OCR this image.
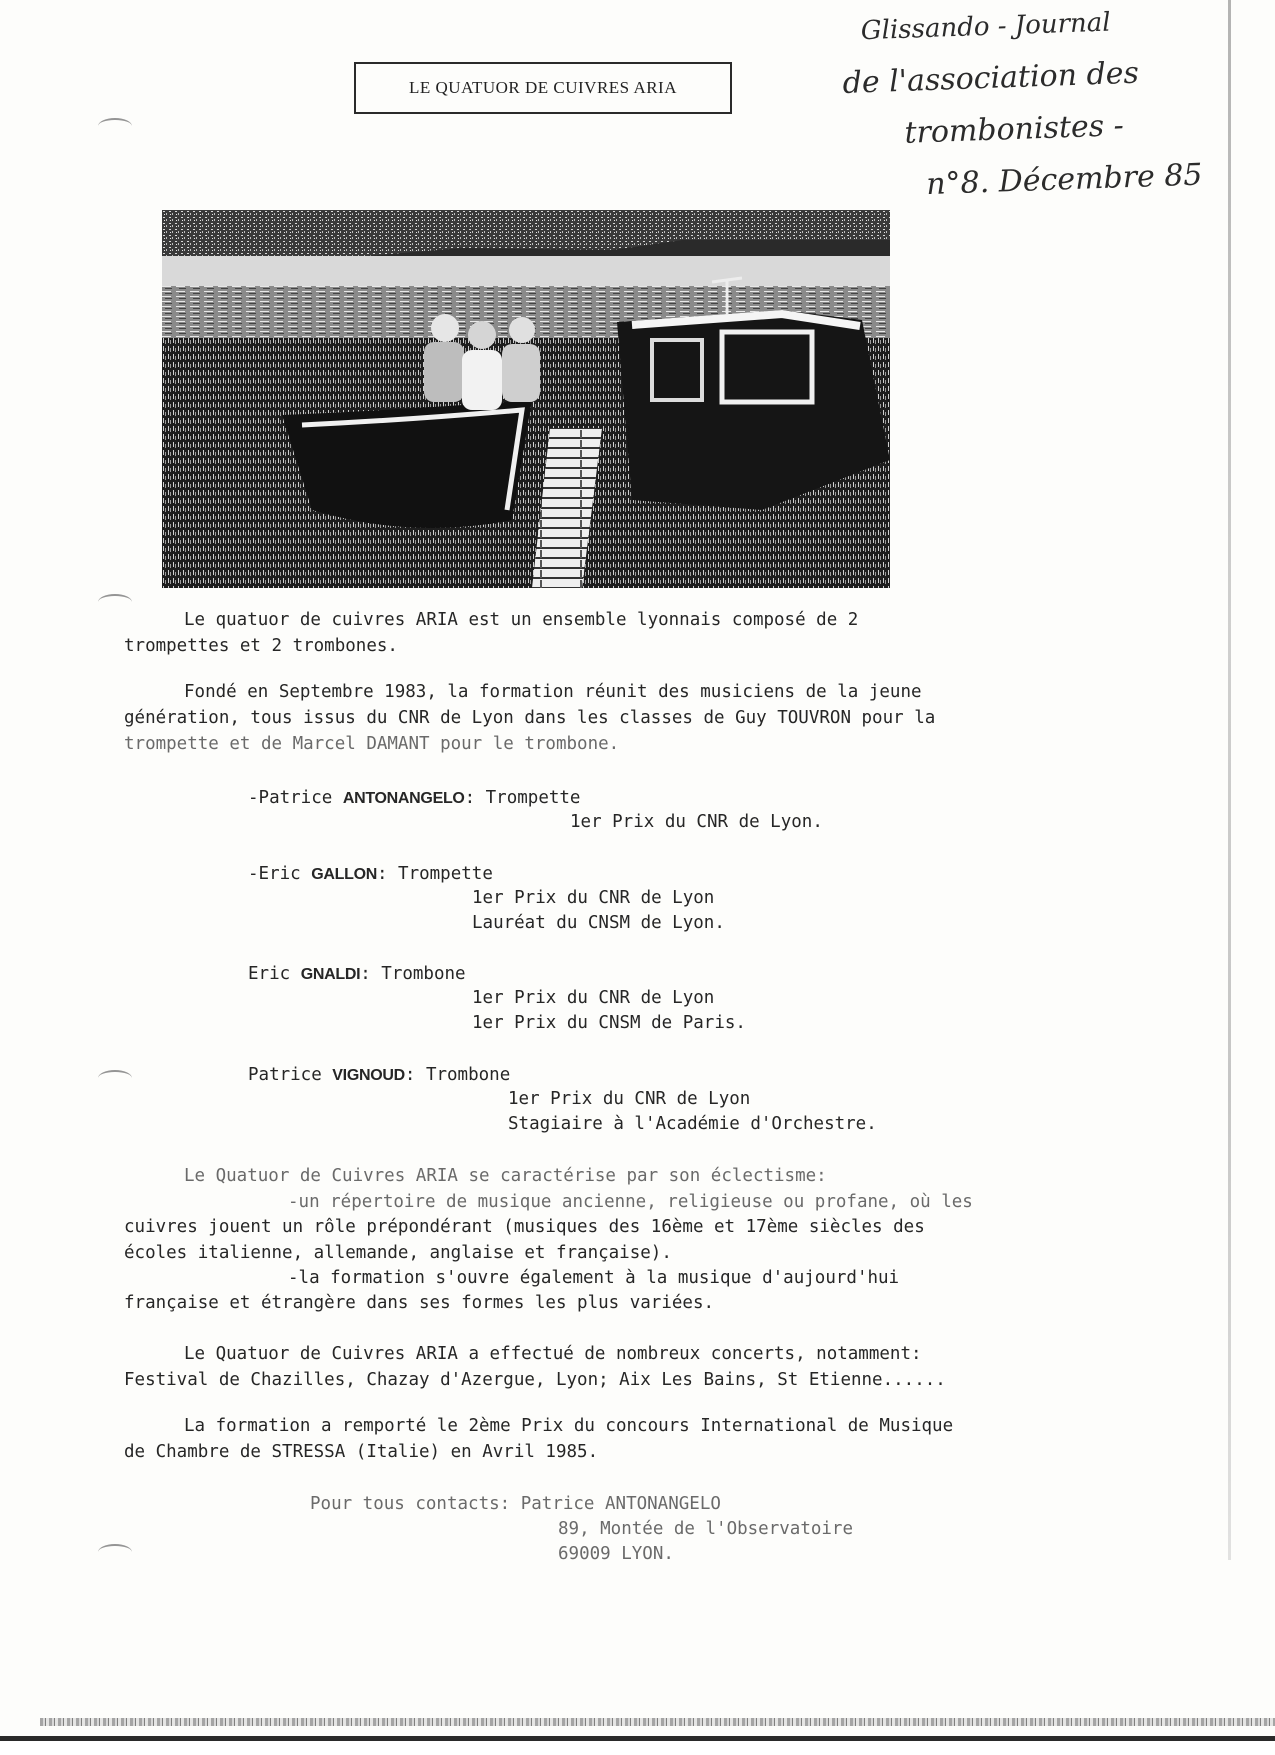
LE QUATUOR DE CUIVRES ARIA
Glissando - Journal
de l'association des
trombonistes -
n°8. Décembre 85
Le quatuor de cuivres ARIA est un ensemble lyonnais composé de 2
trompettes et 2 trombones.
Fondé en Septembre 1983, la formation réunit des musiciens de la jeune
génération, tous issus du CNR de Lyon dans les classes de Guy TOUVRON pour la
trompette et de Marcel DAMANT pour le trombone.
-Patrice ANTONANGELO: Trompette
1er Prix du CNR de Lyon.
-Eric GALLON: Trompette
1er Prix du CNR de Lyon
Lauréat du CNSM de Lyon.
Eric GNALDI: Trombone
1er Prix du CNR de Lyon
1er Prix du CNSM de Paris.
Patrice VIGNOUD: Trombone
1er Prix du CNR de Lyon
Stagiaire à l'Académie d'Orchestre.
Le Quatuor de Cuivres ARIA se caractérise par son éclectisme:
-un répertoire de musique ancienne, religieuse ou profane, où les
cuivres jouent un rôle prépondérant (musiques des 16ème et 17ème siècles des
écoles italienne, allemande, anglaise et française).
-la formation s'ouvre également à la musique d'aujourd'hui
française et étrangère dans ses formes les plus variées.
Le Quatuor de Cuivres ARIA a effectué de nombreux concerts, notamment:
Festival de Chazilles, Chazay d'Azergue, Lyon; Aix Les Bains, St Etienne......
La formation a remporté le 2ème Prix du concours International de Musique
de Chambre de STRESSA (Italie) en Avril 1985.
Pour tous contacts: Patrice ANTONANGELO
89, Montée de l'Observatoire
69009 LYON.
